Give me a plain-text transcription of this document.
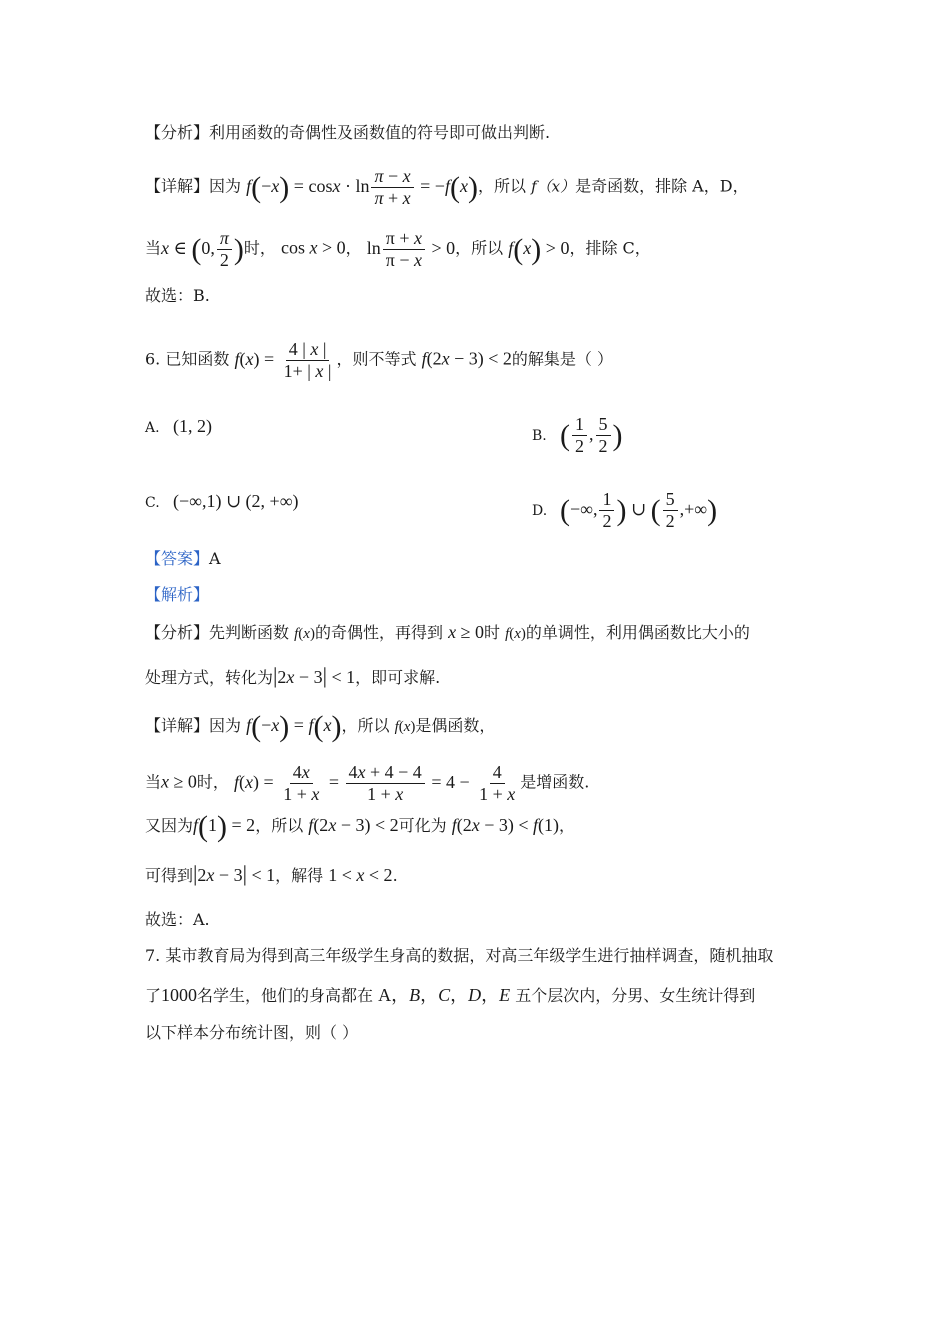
【分析】利用函数的奇偶性及函数值的符号即可做出判断.
【详解】因为 $f(-x) = \cos x \cdot \ln \frac{\pi - x}{\pi + x} = -f(x)$，所以 f（x）是奇函数，排除 A，D，
当x ∈ (0, $\frac{\pi}{2}$ )时， cos x > 0， $\ln \frac{\pi + x}{\pi - x} > 0$，所以 f(x) > 0，排除 C，
故选：B.
6. 已知函数 $f(x) = \frac{4 | x |}{1+ | x |}$ ，则不等式 f(2x − 3) < 2的解集是（ ）
A. (1, 2)	B. ( $\frac{1}{2}$ , $\frac{5}{2}$ )
C. (−∞,1) ∪ (2, +∞)	D. (−∞, $\frac{1}{2}$ ) ∪ ( $\frac{5}{2}$ ,+∞)
【答案】A
【解析】
【分析】先判断函数 f(x)的奇偶性，再得到 x ≥ 0时 f(x)的单调性，利用偶函数比大小的
处理方式，转化为|2x − 3| < 1，即可求解.
【详解】因为 f(−x) = f(x)，所以 f(x)是偶函数，
当x ≥ 0时， $f(x) = \frac{4x}{1 + x} = \frac{4x + 4 - 4}{1 + x} = 4 - \frac{4}{1 + x}$ 是增函数.
又因为f(1) = 2，所以 f(2x − 3) < 2可化为 f(2x − 3) < f(1)，
可得到|2x − 3| < 1，解得 1 < x < 2.
故选：A.
7. 某市教育局为得到高三年级学生身高的数据，对高三年级学生进行抽样调查，随机抽取
了1000名学生，他们的身高都在 A，B，C，D，E 五个层次内，分男、女生统计得到
以下样本分布统计图，则（ ）
